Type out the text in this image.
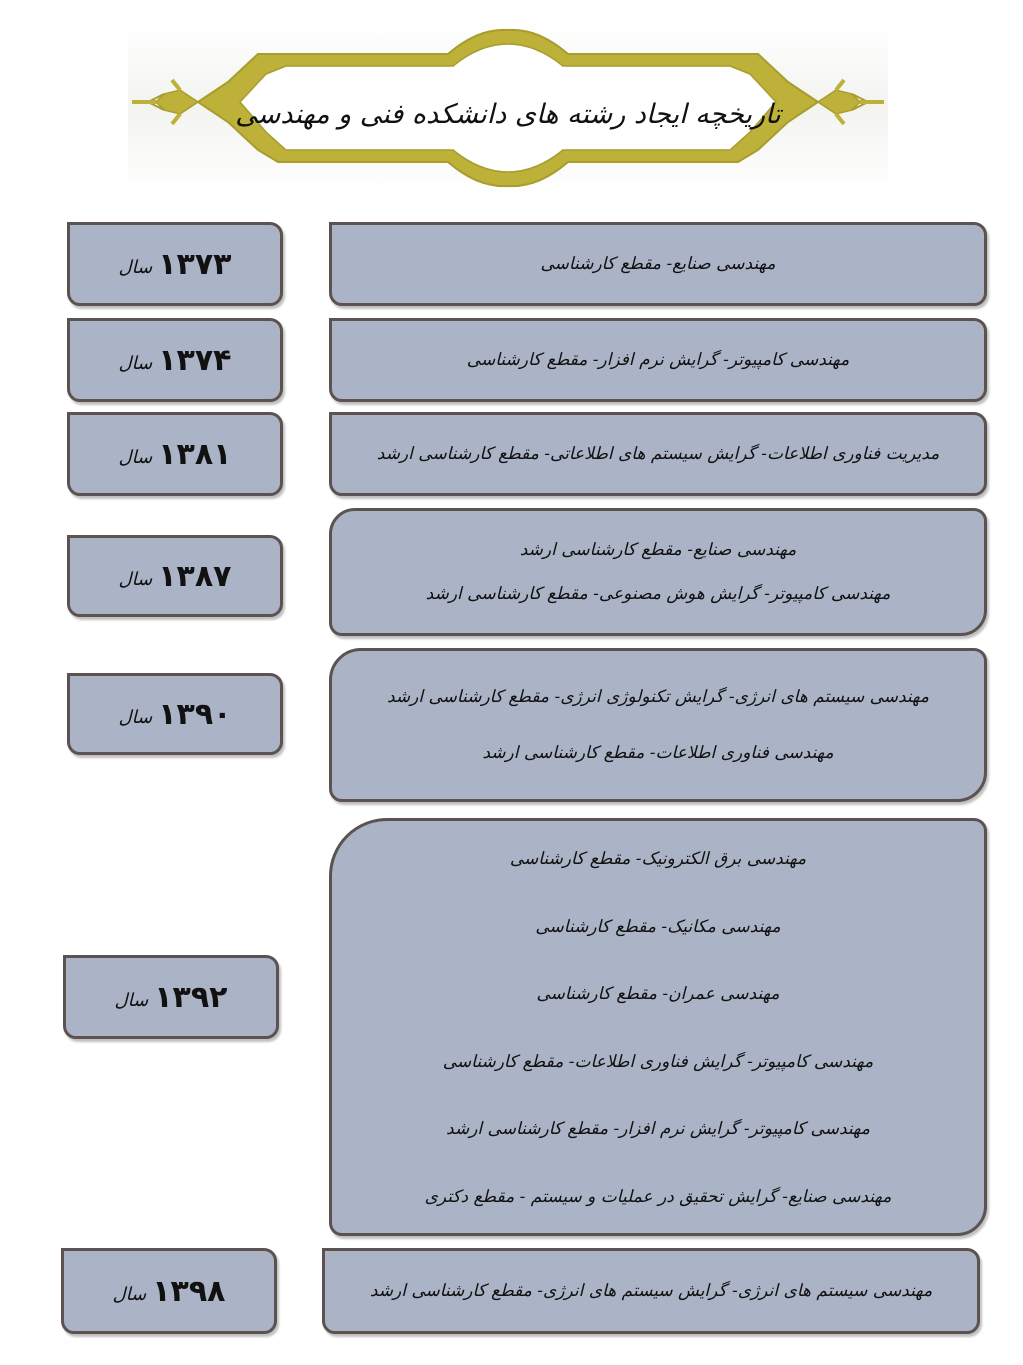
تاریخچه ایجاد رشته های دانشکده فنی و مهندسی
۱۳۷۳
سال	مهندسی صنایع- مقطع کارشناسی
۱۳۷۴
سال	مهندسی کامپیوتر- گرایش نرم افزار- مقطع کارشناسی
۱۳۸۱
سال	مدیریت فناوری اطلاعات- گرایش سیستم های اطلاعاتی- مقطع کارشناسی ارشد
۱۳۸۷
سال
مهندسی صنایع- مقطع کارشناسی ارشد
مهندسی کامپیوتر- گرایش هوش مصنوعی- مقطع کارشناسی ارشد
۱۳۹۰
سال
مهندسی سیستم های انرژی- گرایش تکنولوژی انرژی- مقطع کارشناسی ارشد
مهندسی فناوری اطلاعات- مقطع کارشناسی ارشد
۱۳۹۲
سال
مهندسی برق الکترونیک- مقطع کارشناسی
مهندسی مکانیک- مقطع کارشناسی
مهندسی عمران- مقطع کارشناسی
مهندسی کامپیوتر- گرایش فناوری اطلاعات- مقطع کارشناسی
مهندسی کامپیوتر- گرایش نرم افزار- مقطع کارشناسی ارشد
مهندسی صنایع- گرایش تحقیق در عملیات و سیستم - مقطع دکتری
۱۳۹۸
سال	مهندسی سیستم های انرژی- گرایش سیستم های انرژی- مقطع کارشناسی ارشد
